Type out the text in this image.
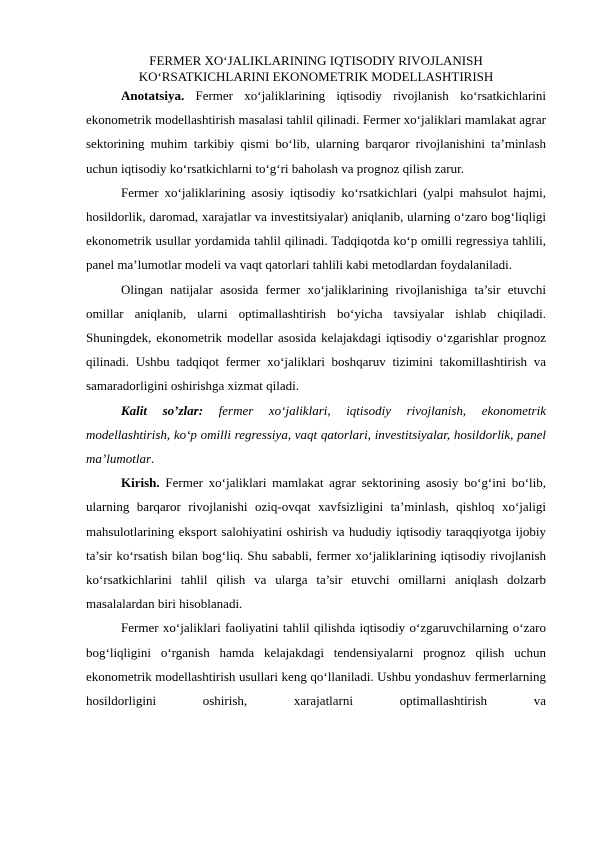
FERMER XO‘JALIKLARINING IQTISODIY RIVOJLANISH
KO‘RSATKICHLARINI EKONOMETRIK MODELLASHTIRISH

Anotatsiya. Fermer xo‘jaliklarining iqtisodiy rivojlanish ko‘rsatkichlarini ekonometrik modellashtirish masalasi tahlil qilinadi. Fermer xo‘jaliklari mamlakat agrar sektorining muhim tarkibiy qismi bo‘lib, ularning barqaror rivojlanishini ta’minlash uchun iqtisodiy ko‘rsatkichlarni to‘g‘ri baholash va prognoz qilish zarur.

Fermer xo‘jaliklarining asosiy iqtisodiy ko‘rsatkichlari (yalpi mahsulot hajmi, hosildorlik, daromad, xarajatlar va investitsiyalar) aniqlanib, ularning o‘zaro bog‘liqligi ekonometrik usullar yordamida tahlil qilinadi. Tadqiqotda ko‘p omilli regressiya tahlili, panel ma’lumotlar modeli va vaqt qatorlari tahlili kabi metodlardan foydalaniladi.

Olingan natijalar asosida fermer xo‘jaliklarining rivojlanishiga ta’sir etuvchi omillar aniqlanib, ularni optimallashtirish bo‘yicha tavsiyalar ishlab chiqiladi. Shuningdek, ekonometrik modellar asosida kelajakdagi iqtisodiy o‘zgarishlar prognoz qilinadi. Ushbu tadqiqot fermer xo‘jaliklari boshqaruv tizimini takomillashtirish va samaradorligini oshirishga xizmat qiladi.

Kalit so’zlar: fermer xo‘jaliklari, iqtisodiy rivojlanish, ekonometrik modellashtirish, ko‘p omilli regressiya, vaqt qatorlari, investitsiyalar, hosildorlik, panel ma’lumotlar.

Kirish. Fermer xo‘jaliklari mamlakat agrar sektorining asosiy bo‘g‘ini bo‘lib, ularning barqaror rivojlanishi oziq-ovqat xavfsizligini ta’minlash, qishloq xo‘jaligi mahsulotlarining eksport salohiyatini oshirish va hududiy iqtisodiy taraqqiyotga ijobiy ta’sir ko‘rsatish bilan bog‘liq. Shu sababli, fermer xo‘jaliklarining iqtisodiy rivojlanish ko‘rsatkichlarini tahlil qilish va ularga ta’sir etuvchi omillarni aniqlash dolzarb masalalardan biri hisoblanadi.

Fermer xo‘jaliklari faoliyatini tahlil qilishda iqtisodiy o‘zgaruvchilarning o‘zaro bog‘liqligini o‘rganish hamda kelajakdagi tendensiyalarni prognoz qilish uchun ekonometrik modellashtirish usullari keng qo‘llaniladi. Ushbu yondashuv fermerlarning hosildorligini oshirish, xarajatlarni optimallashtirish va
